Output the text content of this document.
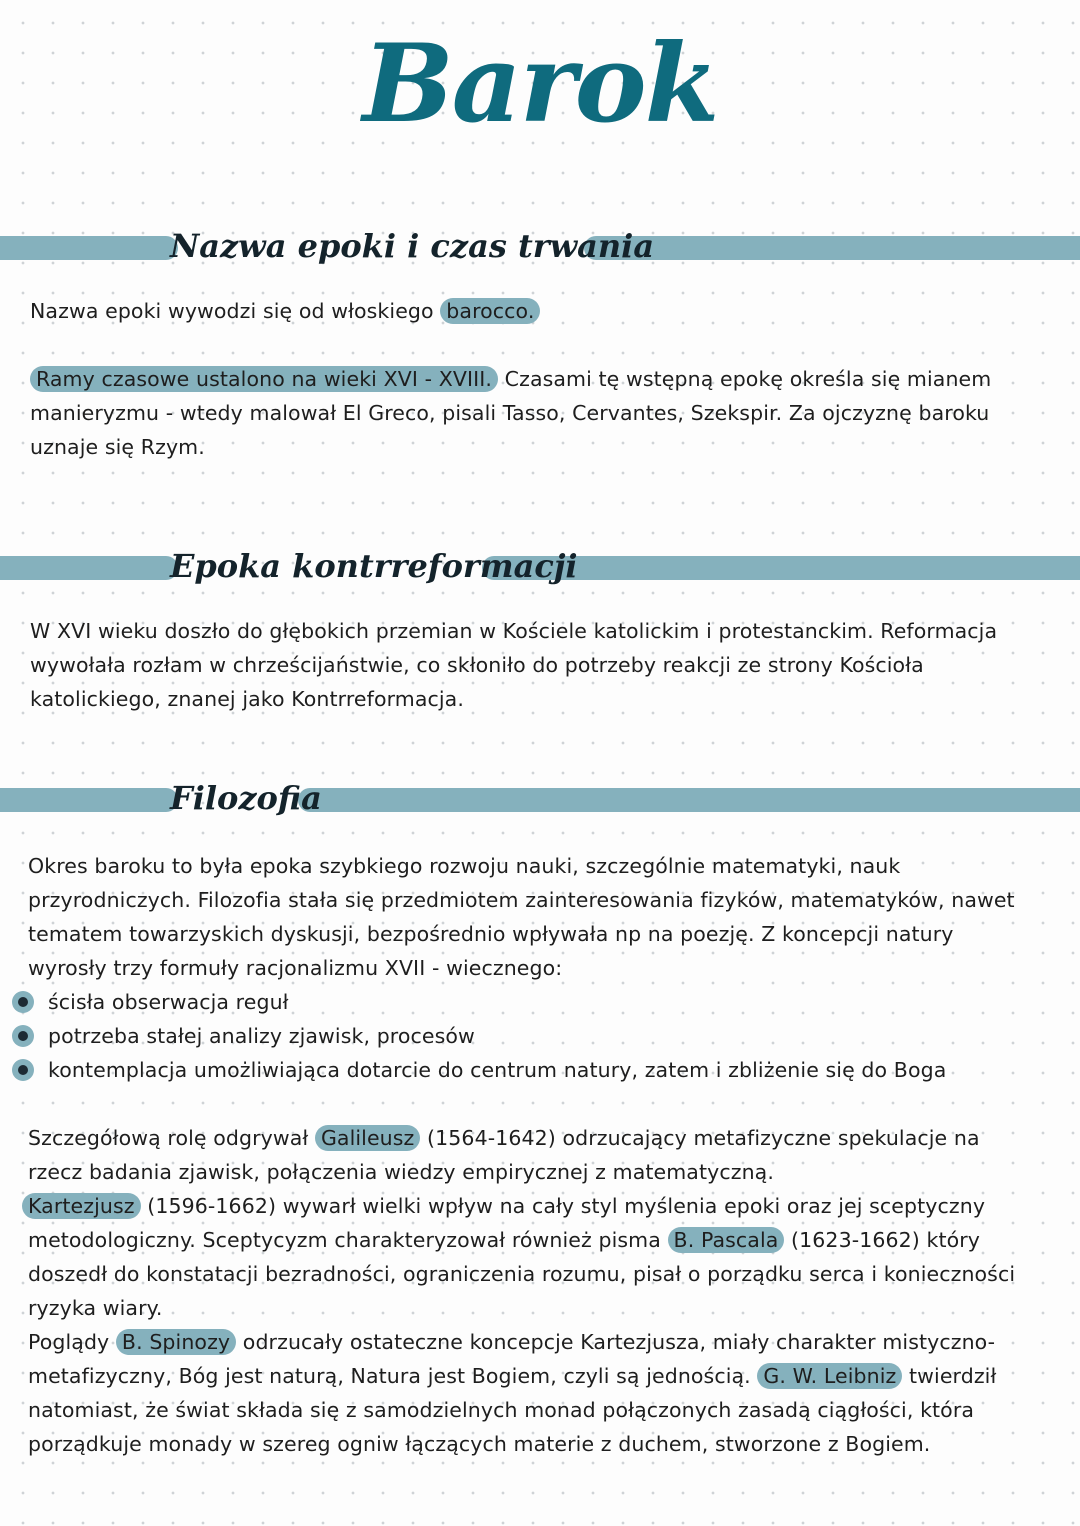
Barok
Nazwa epoki i czas trwania

Nazwa epoki wywodzi się od włoskiego barocco.

Ramy czasowe ustalono na wieki XVI - XVIII. Czasami tę wstępną epokę określa się mianem manieryzmu - wtedy malował El Greco, pisali Tasso, Cervantes, Szekspir. Za ojczyznę baroku uznaje się Rzym.

Epoka kontrreformacji

W XVI wieku doszło do głębokich przemian w Kościele katolickim i protestanckim. Reformacja wywołała rozłam w chrześcijaństwie, co skłoniło do potrzeby reakcji ze strony Kościoła katolickiego, znanej jako Kontrreformacja.

Filozofia

Okres baroku to była epoka szybkiego rozwoju nauki, szczególnie matematyki, nauk przyrodniczych. Filozofia stała się przedmiotem zainteresowania fizyków, matematyków, nawet tematem towarzyskich dyskusji, bezpośrednio wpływała np na poezję. Z koncepcji natury wyrosły trzy formuły racjonalizmu XVII - wiecznego:

ścisła obserwacja reguł
potrzeba stałej analizy zjawisk, procesów
kontemplacja umożliwiająca dotarcie do centrum natury, zatem i zbliżenie się do Boga

Szczegółową rolę odgrywał Galileusz (1564-1642) odrzucający metafizyczne spekulacje na rzecz badania zjawisk, połączenia wiedzy empirycznej z matematyczną.
Kartezjusz (1596-1662) wywarł wielki wpływ na cały styl myślenia epoki oraz jej sceptyczny metodologiczny. Sceptycyzm charakteryzował również pisma B. Pascala (1623-1662) który doszedł do konstatacji bezradności, ograniczenia rozumu, pisał o porządku serca i konieczności ryzyka wiary.
Poglądy B. Spinozy odrzucały ostateczne koncepcje Kartezjusza, miały charakter mistyczno-metafizyczny, Bóg jest naturą, Natura jest Bogiem, czyli są jednością. G. W. Leibniz twierdził natomiast, że świat składa się z samodzielnych monad połączonych zasadą ciągłości, która porządkuje monady w szereg ogniw łączących materie z duchem, stworzone z Bogiem.
